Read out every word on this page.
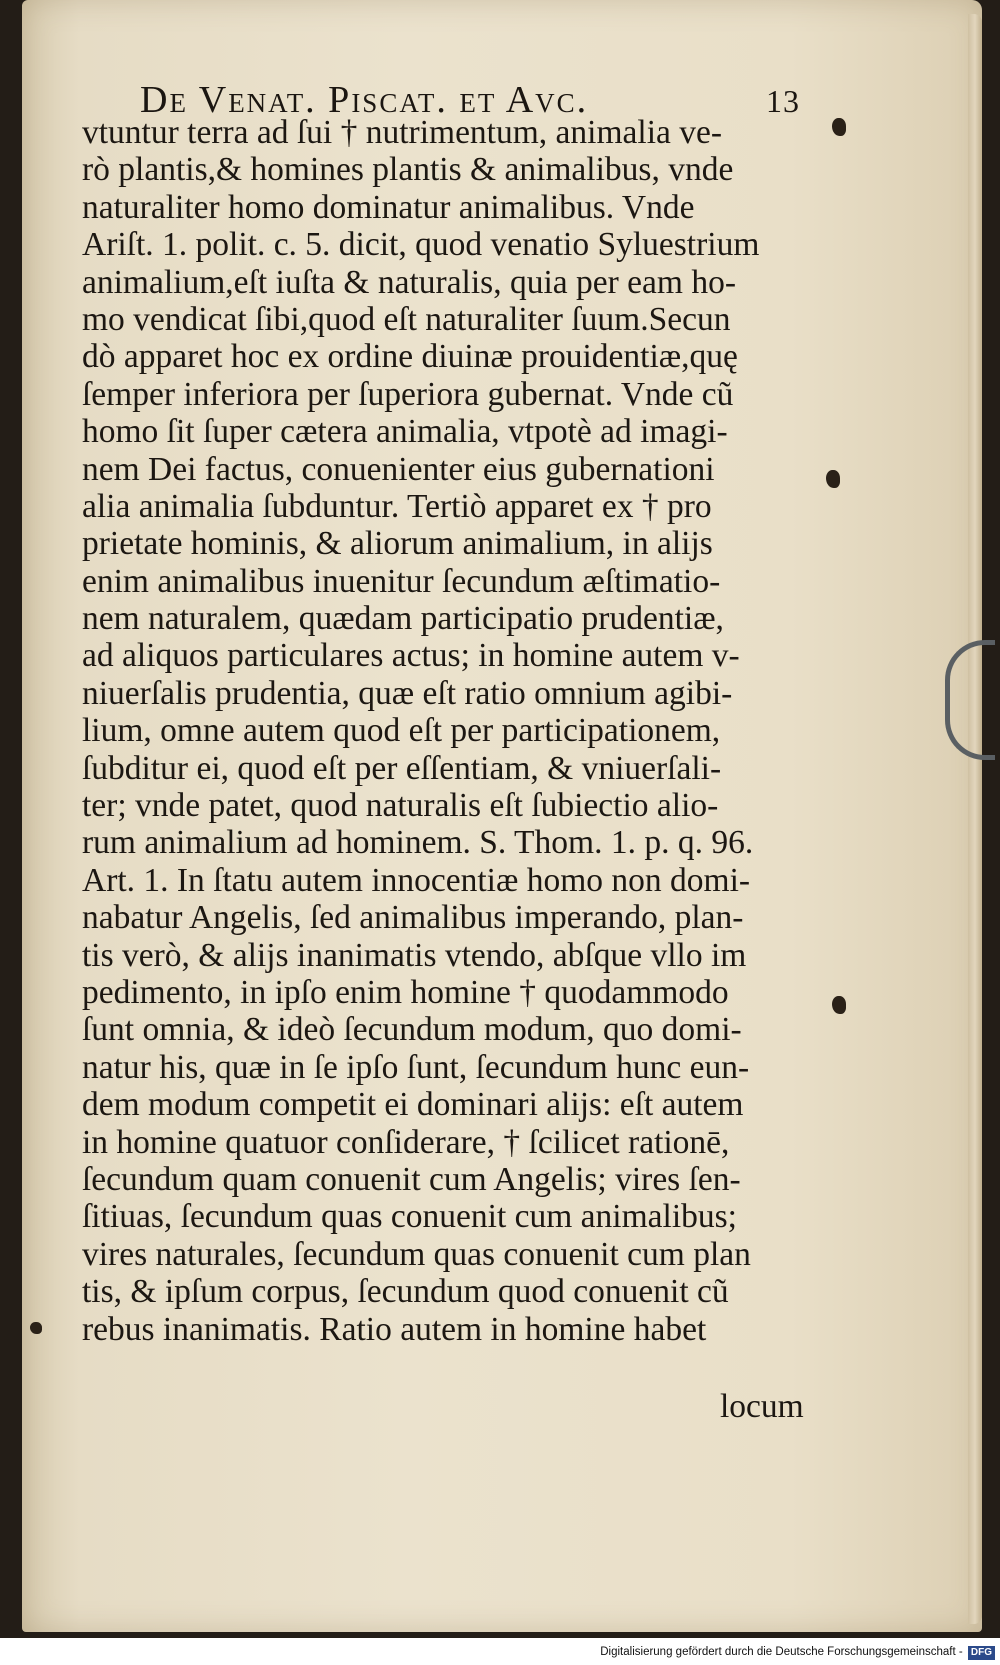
De Venat. Piscat. et Avc.	13
vtuntur terra ad ſui † nutrimentum, animalia ve-
rò plantis,& homines plantis & animalibus, vnde
naturaliter homo dominatur animalibus. Vnde
Ariſt. 1. polit. c. 5. dicit, quod venatio Syluestrium
animalium,eſt iuſta & naturalis, quia per eam ho-
mo vendicat ſibi,quod eſt naturaliter ſuum.Secun
dò apparet hoc ex ordine diuinæ prouidentiæ,quę
ſemper inferiora per ſuperiora gubernat. Vnde cũ
homo ſit ſuper cætera animalia, vtpotè ad imagi-
nem Dei factus, conuenienter eius gubernationi
alia animalia ſubduntur. Tertiò apparet ex † pro
prietate hominis, & aliorum animalium, in alijs
enim animalibus inuenitur ſecundum æſtimatio-
nem naturalem, quædam participatio prudentiæ,
ad aliquos particulares actus; in homine autem v-
niuerſalis prudentia, quæ eſt ratio omnium agibi-
lium, omne autem quod eſt per participationem,
ſubditur ei, quod eſt per eſſentiam, & vniuerſali-
ter; vnde patet, quod naturalis eſt ſubiectio alio-
rum animalium ad hominem. S. Thom. 1. p. q. 96.
Art. 1. In ſtatu autem innocentiæ homo non domi-
nabatur Angelis, ſed animalibus imperando, plan-
tis verò, & alijs inanimatis vtendo, abſque vllo im
pedimento, in ipſo enim homine † quodammodo
ſunt omnia, & ideò ſecundum modum, quo domi-
natur his, quæ in ſe ipſo ſunt, ſecundum hunc eun-
dem modum competit ei dominari alijs: eſt autem
in homine quatuor conſiderare, † ſcilicet rationē,
ſecundum quam conuenit cum Angelis; vires ſen-
ſitiuas, ſecundum quas conuenit cum animalibus;
vires naturales, ſecundum quas conuenit cum plan
tis, & ipſum corpus, ſecundum quod conuenit cũ
rebus inanimatis. Ratio autem in homine habet
locum
Digitalisierung gefördert durch die Deutsche Forschungsgemeinschaft - DFG
